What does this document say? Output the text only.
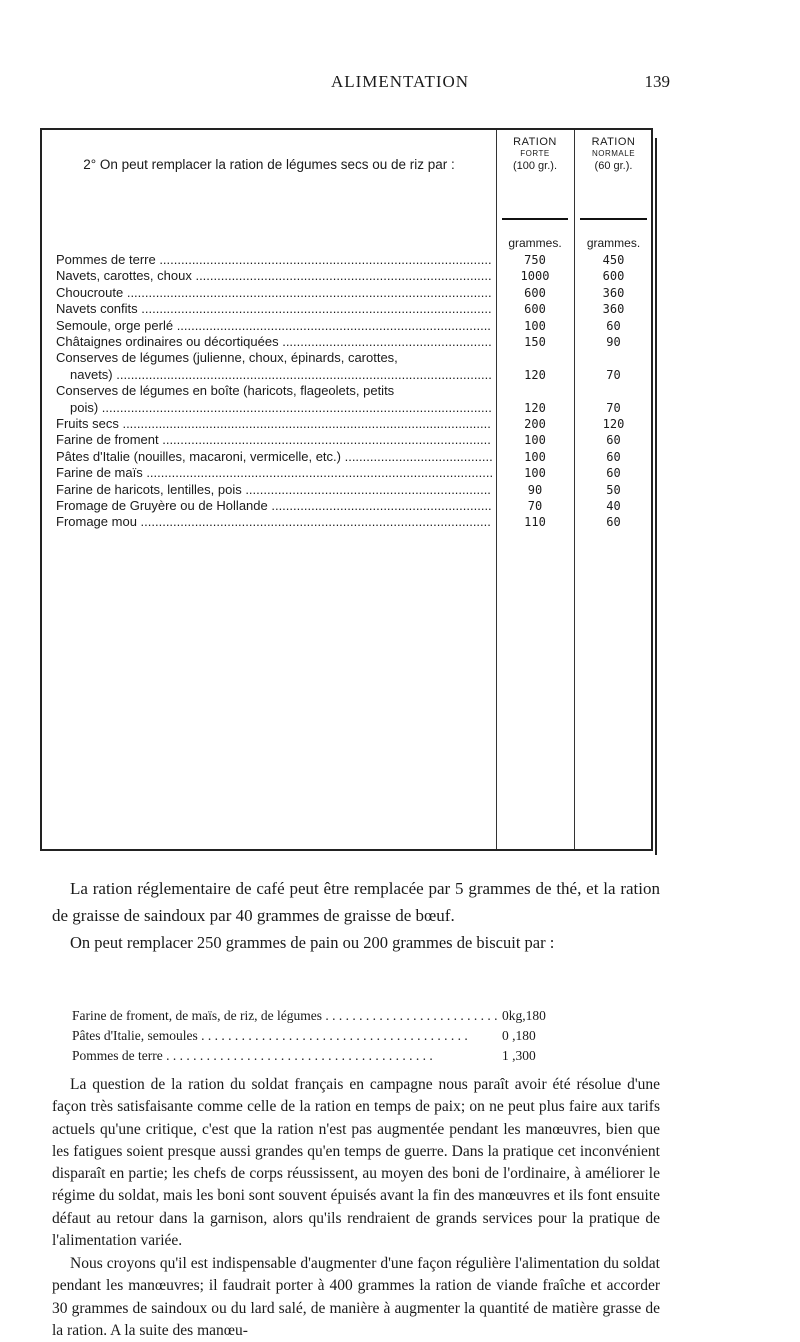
ALIMENTATION	139
2° On peut remplacer la ration de légumes secs ou de riz par :
RATION
FORTE
(100 gr.).
RATION
NORMALE
(60 gr.).
grammes.	grammes.
Pommes de terre .....	750	450
Navets, carottes, choux .....	1000	600
Choucroute .....	600	360
Navets confits .....	600	360
Semoule, orge perlé .....	100	60
Châtaignes ordinaires ou décortiquées .....	150	90
Conserves de légumes (julienne, choux, épinards, carottes,
navets) .....	120	70
Conserves de légumes en boîte (haricots, flageolets, petits
pois) .....	120	70
Fruits secs .....	200	120
Farine de froment .....	100	60
Pâtes d'Italie (nouilles, macaroni, vermicelle, etc.) .....	100	60
Farine de maïs .....	100	60
Farine de haricots, lentilles, pois .....	90	50
Fromage de Gruyère ou de Hollande .....	70	40
Fromage mou .....	110	60

La ration réglementaire de café peut être remplacée par 5 grammes de thé, et la ration de graisse de saindoux par 40 grammes de graisse de bœuf.

On peut remplacer 250 grammes de pain ou 200 grammes de biscuit par :

Farine de froment, de maïs, de riz, de légumes . . .	0kg,180
Pâtes d'Italie, semoules . . .	0 ,180
Pommes de terre . . .	1 ,300

La question de la ration du soldat français en campagne nous paraît avoir été résolue d'une façon très satisfaisante comme celle de la ration en temps de paix; on ne peut plus faire aux tarifs actuels qu'une critique, c'est que la ration n'est pas augmentée pendant les manœuvres, bien que les fatigues soient presque aussi grandes qu'en temps de guerre. Dans la pratique cet inconvénient disparaît en partie; les chefs de corps réussissent, au moyen des boni de l'ordinaire, à améliorer le régime du soldat, mais les boni sont souvent épuisés avant la fin des manœuvres et ils font ensuite défaut au retour dans la garnison, alors qu'ils rendraient de grands services pour la pratique de l'alimentation variée.

Nous croyons qu'il est indispensable d'augmenter d'une façon régulière l'alimentation du soldat pendant les manœuvres; il faudrait porter à 400 grammes la ration de viande fraîche et accorder 30 grammes de saindoux ou du lard salé, de manière à augmenter la quantité de matière grasse de la ration. A la suite des manœu-
